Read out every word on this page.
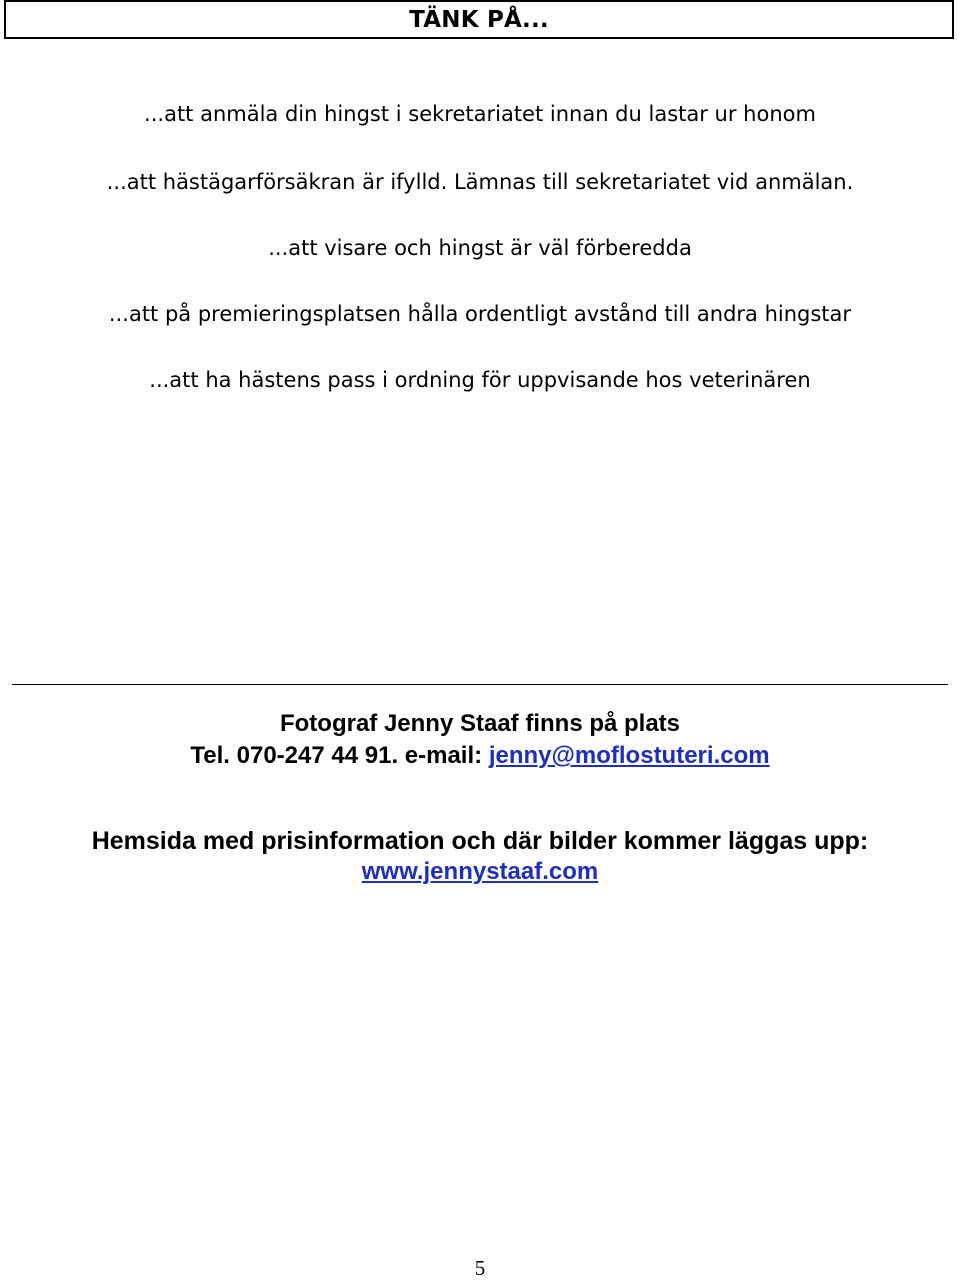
TÄNK PÅ...
...att anmäla din hingst i sekretariatet innan du lastar ur honom
...att hästägarförsäkran är ifylld. Lämnas till sekretariatet vid anmälan.
...att visare och hingst är väl förberedda
...att på premieringsplatsen hålla ordentligt avstånd till andra hingstar
...att ha hästens pass i ordning för uppvisande hos veterinären
Fotograf Jenny Staaf finns på plats
Tel. 070-247 44 91. e-mail: jenny@moflostuteri.com
Hemsida med prisinformation och där bilder kommer läggas upp:
www.jennystaaf.com
5
